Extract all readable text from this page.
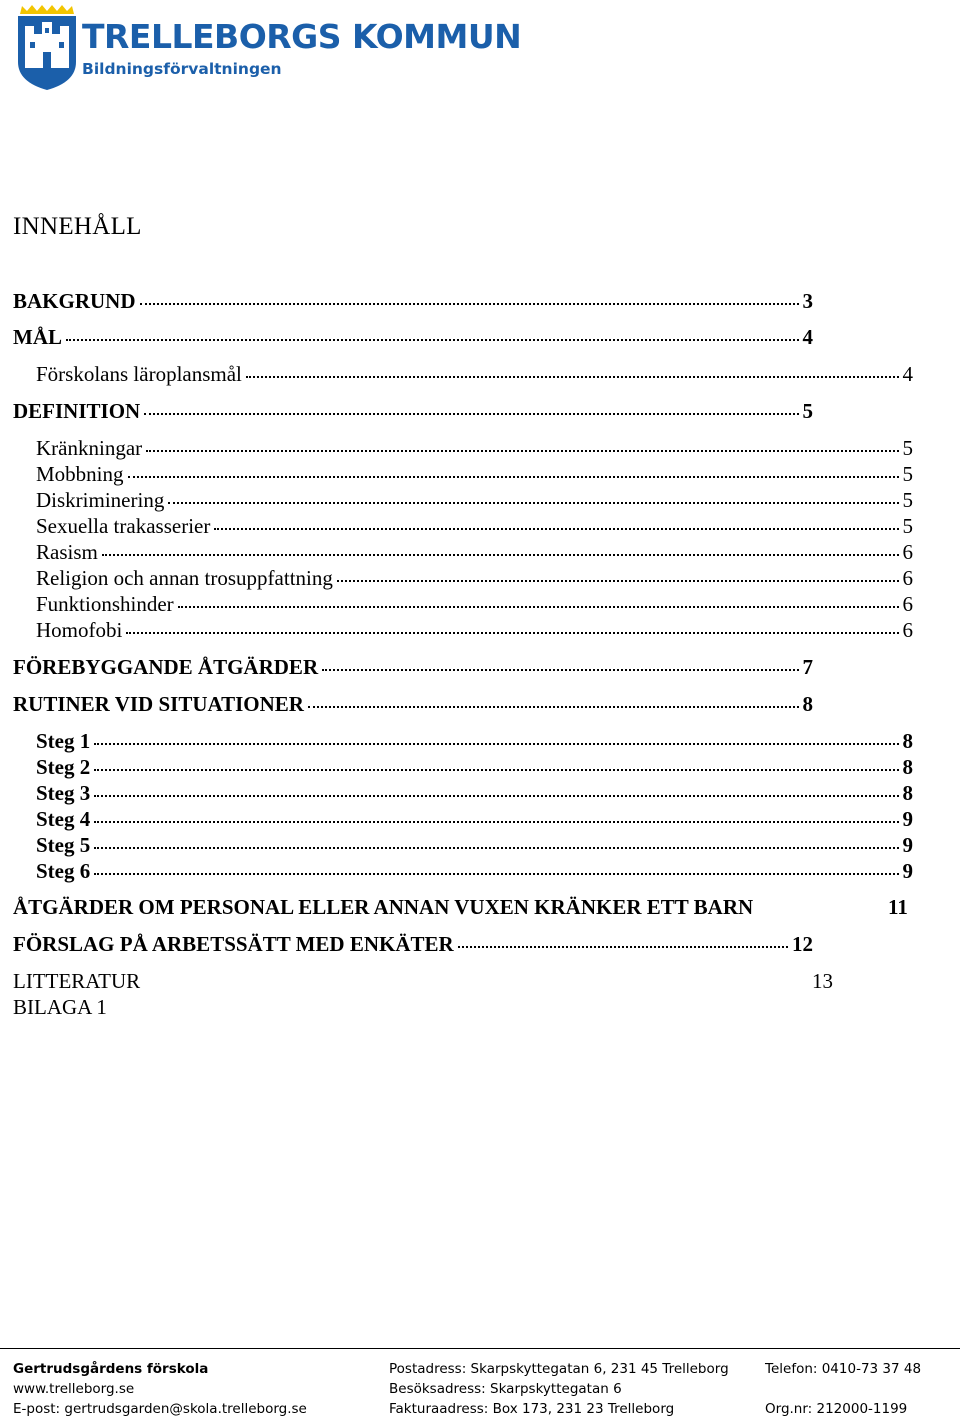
TRELLEBORGS KOMMUN
Bildningsförvaltningen
INNEHÅLL
BAKGRUND	3
MÅL	4
Förskolans läroplansmål	4
DEFINITION	5
Kränkningar	5
Mobbning	5
Diskriminering	5
Sexuella trakasserier	5
Rasism	6
Religion och annan trosuppfattning	6
Funktionshinder	6
Homofobi	6
FÖREBYGGANDE ÅTGÄRDER	7
RUTINER VID SITUATIONER	8
Steg 1	8
Steg 2	8
Steg 3	8
Steg 4	9
Steg 5	9
Steg 6	9
ÅTGÄRDER OM PERSONAL ELLER ANNAN VUXEN KRÄNKER ETT BARN	11
FÖRSLAG PÅ ARBETSSÄTT MED ENKÄTER	12
LITTERATUR	13
BILAGA 1
Gertrudsgårdens förskola
www.trelleborg.se
E-post: gertrudsgarden@skola.trelleborg.se
Postadress: Skarpskyttegatan 6, 231 45 Trelleborg
Besöksadress: Skarpskyttegatan 6
Fakturaadress: Box 173, 231 23 Trelleborg
Telefon: 0410-73 37 48
Org.nr: 212000-1199
